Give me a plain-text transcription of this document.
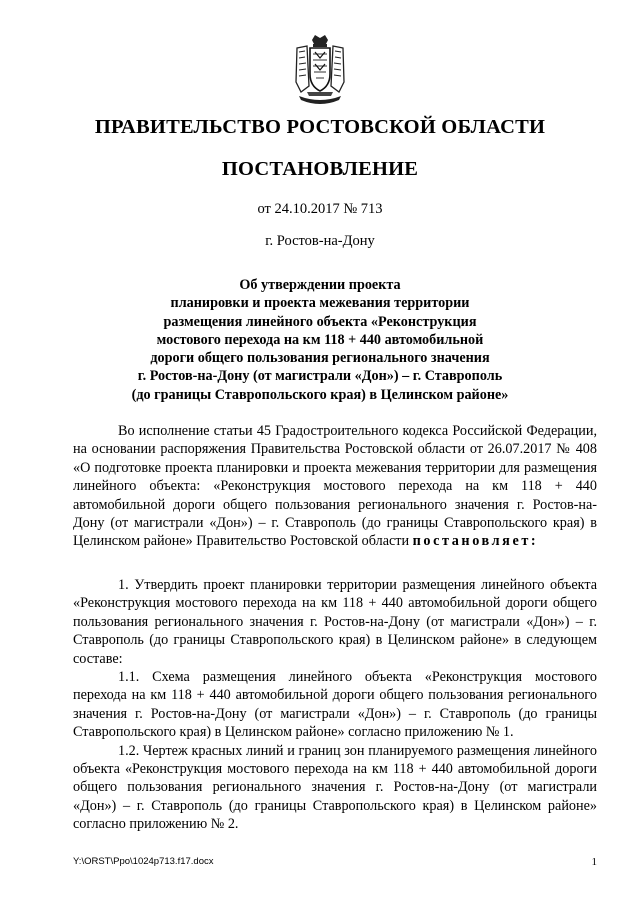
ПРАВИТЕЛЬСТВО РОСТОВСКОЙ ОБЛАСТИ
ПОСТАНОВЛЕНИЕ
от 24.10.2017 № 713
г. Ростов-на-Дону
Об утверждении проекта
планировки и проекта межевания территории
размещения линейного объекта «Реконструкция
мостового перехода на км 118 + 440 автомобильной
дороги общего пользования регионального значения
г. Ростов-на-Дону (от магистрали «Дон») – г. Ставрополь
(до границы Ставропольского края) в Целинском районе»

Во исполнение статьи 45 Градостроительного кодекса Российской Федерации, на основании распоряжения Правительства Ростовской области от 26.07.2017 № 408 «О подготовке проекта планировки и проекта межевания территории для размещения линейного объекта: «Реконструкция мостового перехода на км 118 + 440 автомобильной дороги общего пользования регионального значения г. Ростов-на-Дону (от магистрали «Дон») – г. Ставрополь (до границы Ставропольского края) в Целинском районе» Правительство Ростовской области постановляет:

1. Утвердить проект планировки территории размещения линейного объекта «Реконструкция мостового перехода на км 118 + 440 автомобильной дороги общего пользования регионального значения г. Ростов-на-Дону (от магистрали «Дон») – г. Ставрополь (до границы Ставропольского края) в Целинском районе» в следующем составе:

1.1. Схема размещения линейного объекта «Реконструкция мостового перехода на км 118 + 440 автомобильной дороги общего пользования регионального значения г. Ростов-на-Дону (от магистрали «Дон») – г. Ставрополь (до границы Ставропольского края) в Целинском районе» согласно приложению № 1.

1.2. Чертеж красных линий и границ зон планируемого размещения линейного объекта «Реконструкция мостового перехода на км 118 + 440 автомобильной дороги общего пользования регионального значения г. Ростов-на-Дону (от магистрали «Дон») – г. Ставрополь (до границы Ставропольского края) в Целинском районе» согласно приложению № 2.

Y:\ORST\Ppo\1024p713.f17.docx	1
